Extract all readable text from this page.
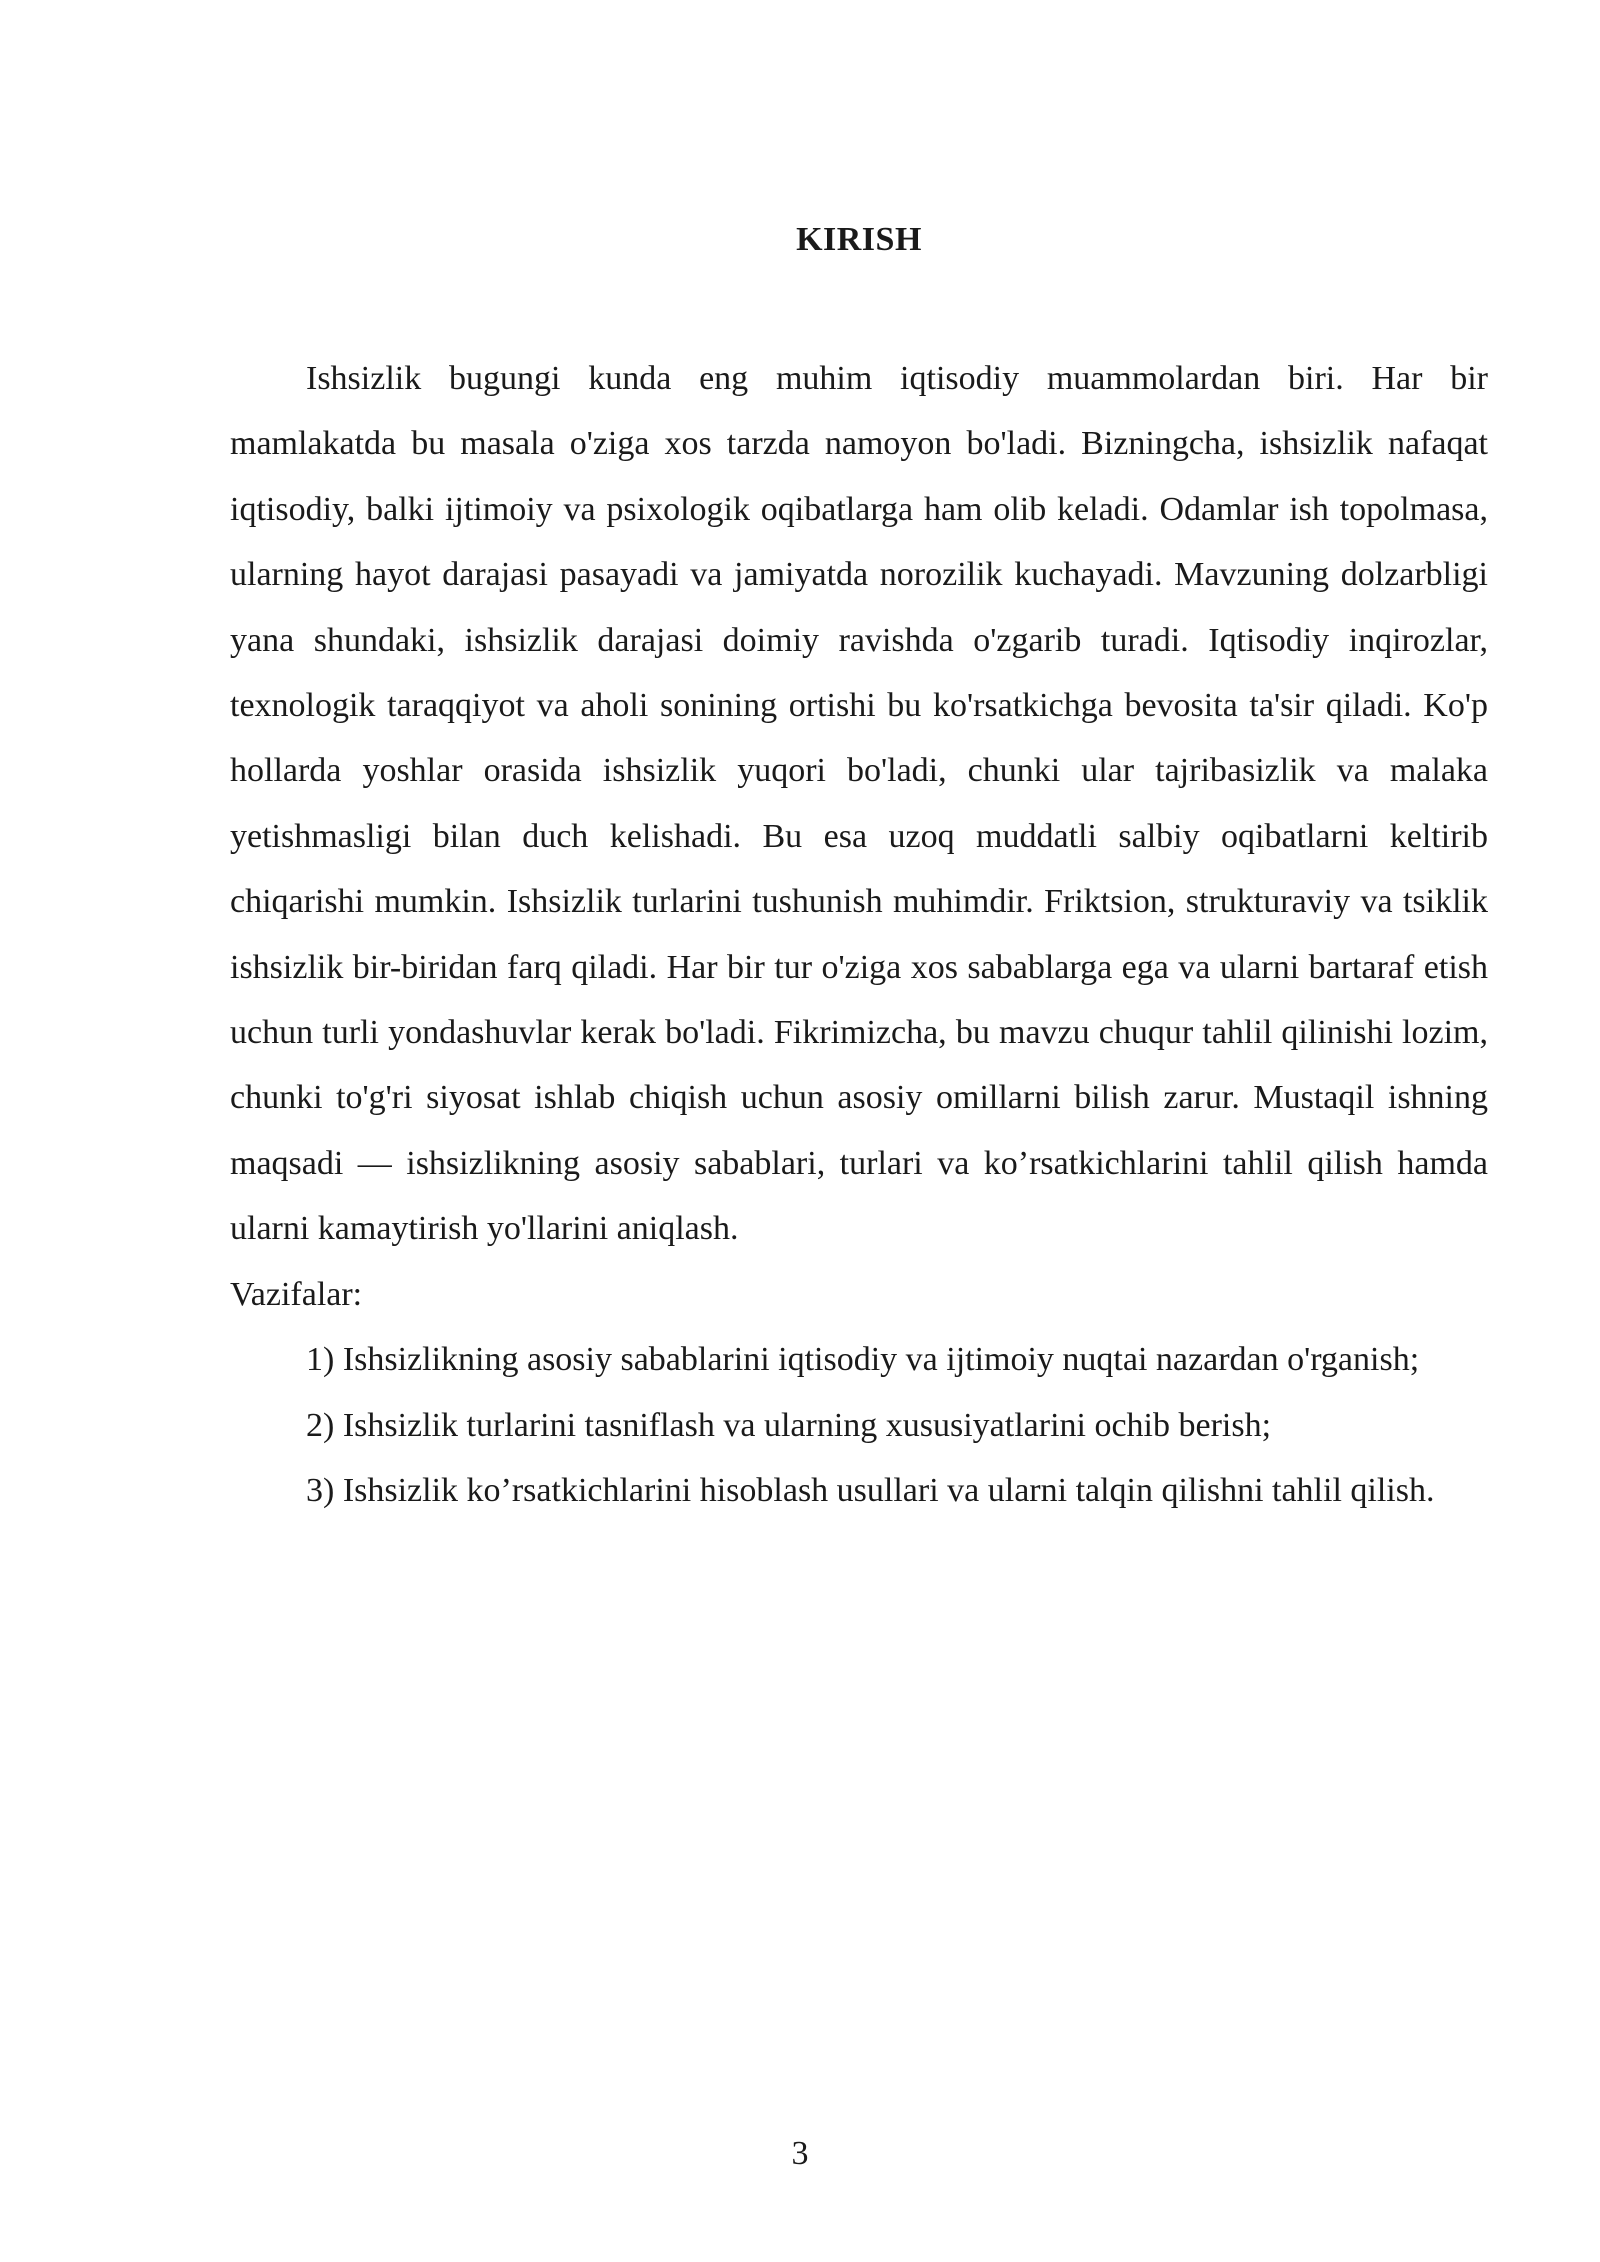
KIRISH

Ishsizlik bugungi kunda eng muhim iqtisodiy muammolardan biri. Har bir mamlakatda bu masala o'ziga xos tarzda namoyon bo'ladi. Bizningcha, ishsizlik nafaqat iqtisodiy, balki ijtimoiy va psixologik oqibatlarga ham olib keladi. Odamlar ish topolmasa, ularning hayot darajasi pasayadi va jamiyatda norozilik kuchayadi. Mavzuning dolzarbligi yana shundaki, ishsizlik darajasi doimiy ravishda o'zgarib turadi. Iqtisodiy inqirozlar, texnologik taraqqiyot va aholi sonining ortishi bu ko'rsatkichga bevosita ta'sir qiladi. Ko'p hollarda yoshlar orasida ishsizlik yuqori bo'ladi, chunki ular tajribasizlik va malaka yetishmasligi bilan duch kelishadi. Bu esa uzoq muddatli salbiy oqibatlarni keltirib chiqarishi mumkin. Ishsizlik turlarini tushunish muhimdir. Friktsion, strukturaviy va tsiklik ishsizlik bir-biridan farq qiladi. Har bir tur o'ziga xos sabablarga ega va ularni bartaraf etish uchun turli yondashuvlar kerak bo'ladi. Fikrimizcha, bu mavzu chuqur tahlil qilinishi lozim, chunki to'g'ri siyosat ishlab chiqish uchun asosiy omillarni bilish zarur. Mustaqil ishning maqsadi — ishsizlikning asosiy sabablari, turlari va ko’rsatkichlarini tahlil qilish hamda ularni kamaytirish yo'llarini aniqlash.

Vazifalar:

1) Ishsizlikning asosiy sabablarini iqtisodiy va ijtimoiy nuqtai nazardan o'rganish;

2) Ishsizlik turlarini tasniflash va ularning xususiyatlarini ochib berish;

3) Ishsizlik ko’rsatkichlarini hisoblash usullari va ularni talqin qilishni tahlil qilish.

3
